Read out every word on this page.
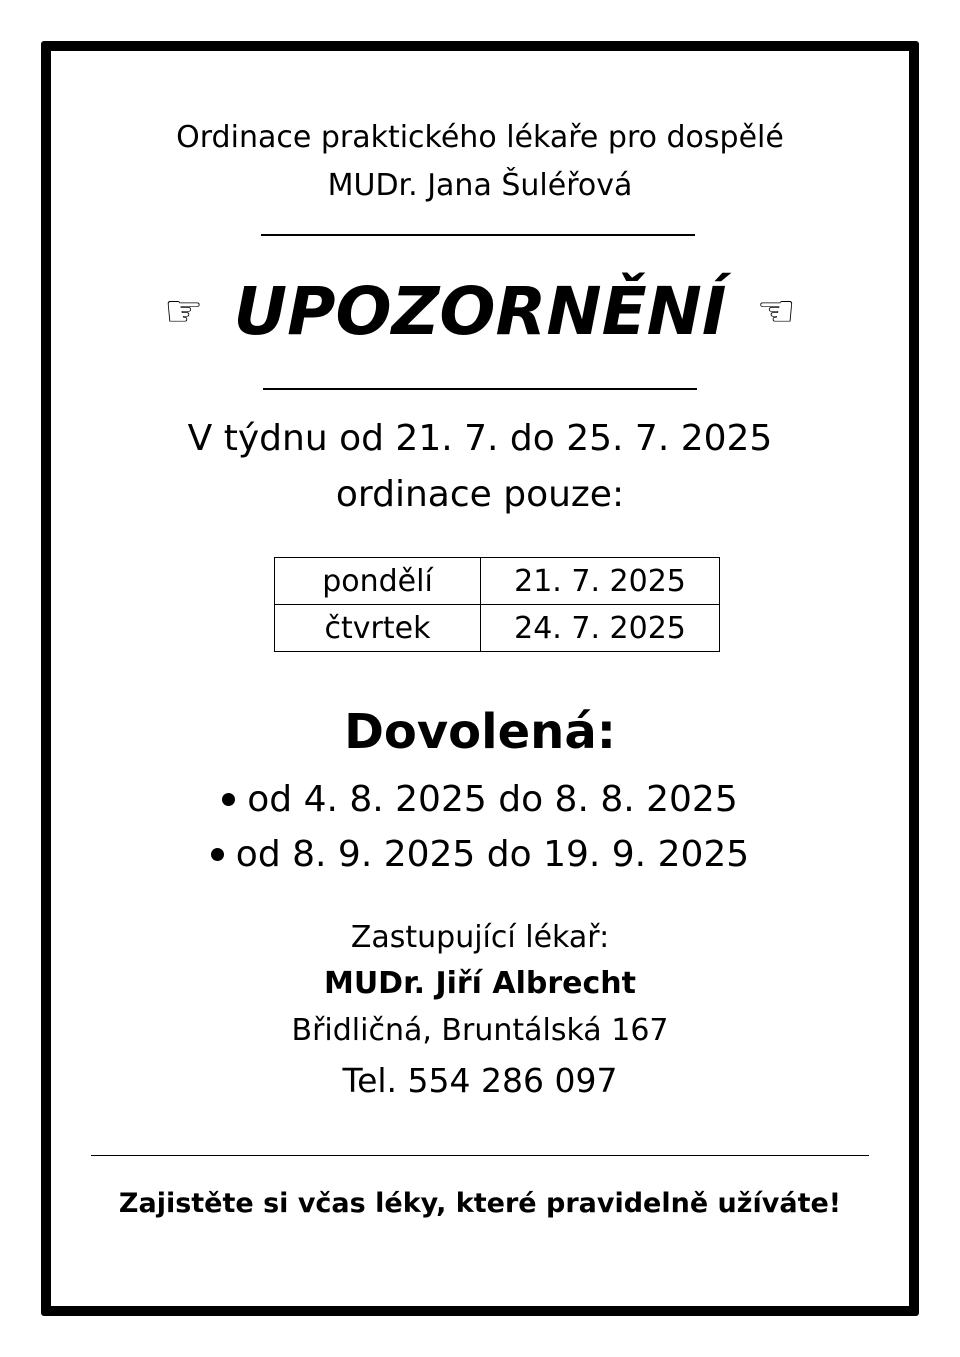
Ordinace praktického lékaře pro dospělé
MUDr. Jana Šuléřová
☞ UPOZORNĚNÍ ☜
V týdnu od 21. 7. do 25. 7. 2025
ordinace pouze:
pondělí	21. 7. 2025
čtvrtek	24. 7. 2025
Dovolená:
od 4. 8. 2025 do 8. 8. 2025
od 8. 9. 2025 do 19. 9. 2025
Zastupující lékař:
MUDr. Jiří Albrecht
Břidličná, Bruntálská 167
Tel. 554 286 097
Zajistěte si včas léky, které pravidelně užíváte!
